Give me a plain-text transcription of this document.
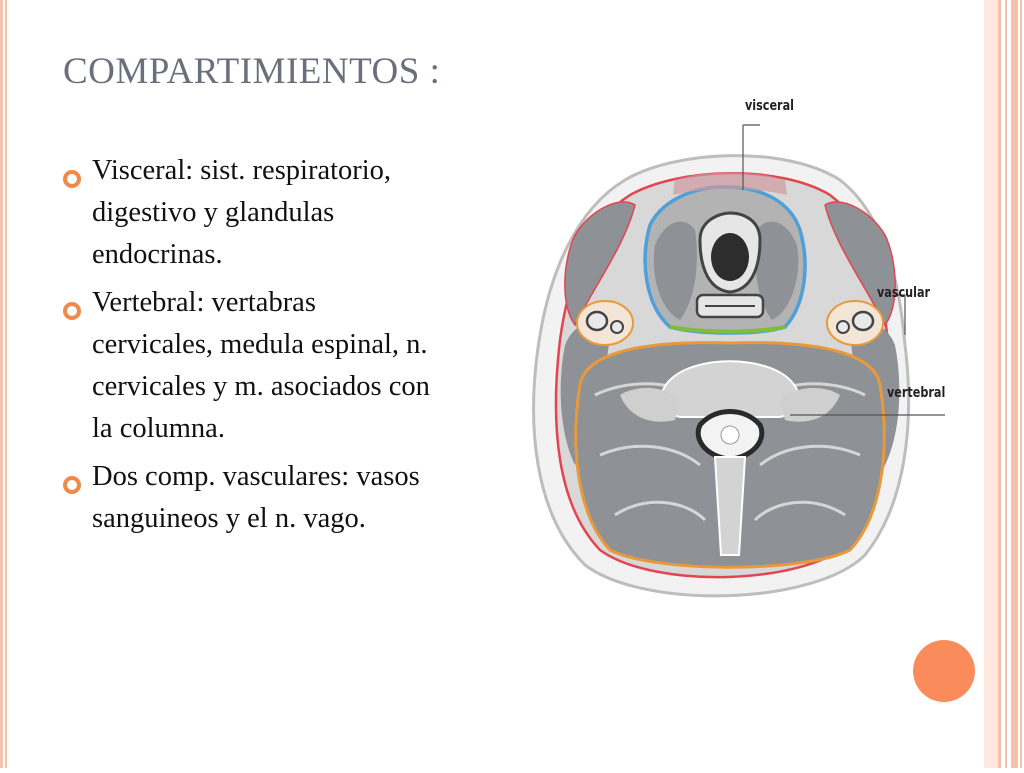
COMPARTIMIENTOS :
Visceral: sist. respiratorio, digestivo y glandulas endocrinas.
Vertebral: vertabras cervicales, medula espinal, n. cervicales y m. asociados con la columna.
Dos comp. vasculares: vasos sanguineos y el n. vago.
visceral
vascular
vertebral
